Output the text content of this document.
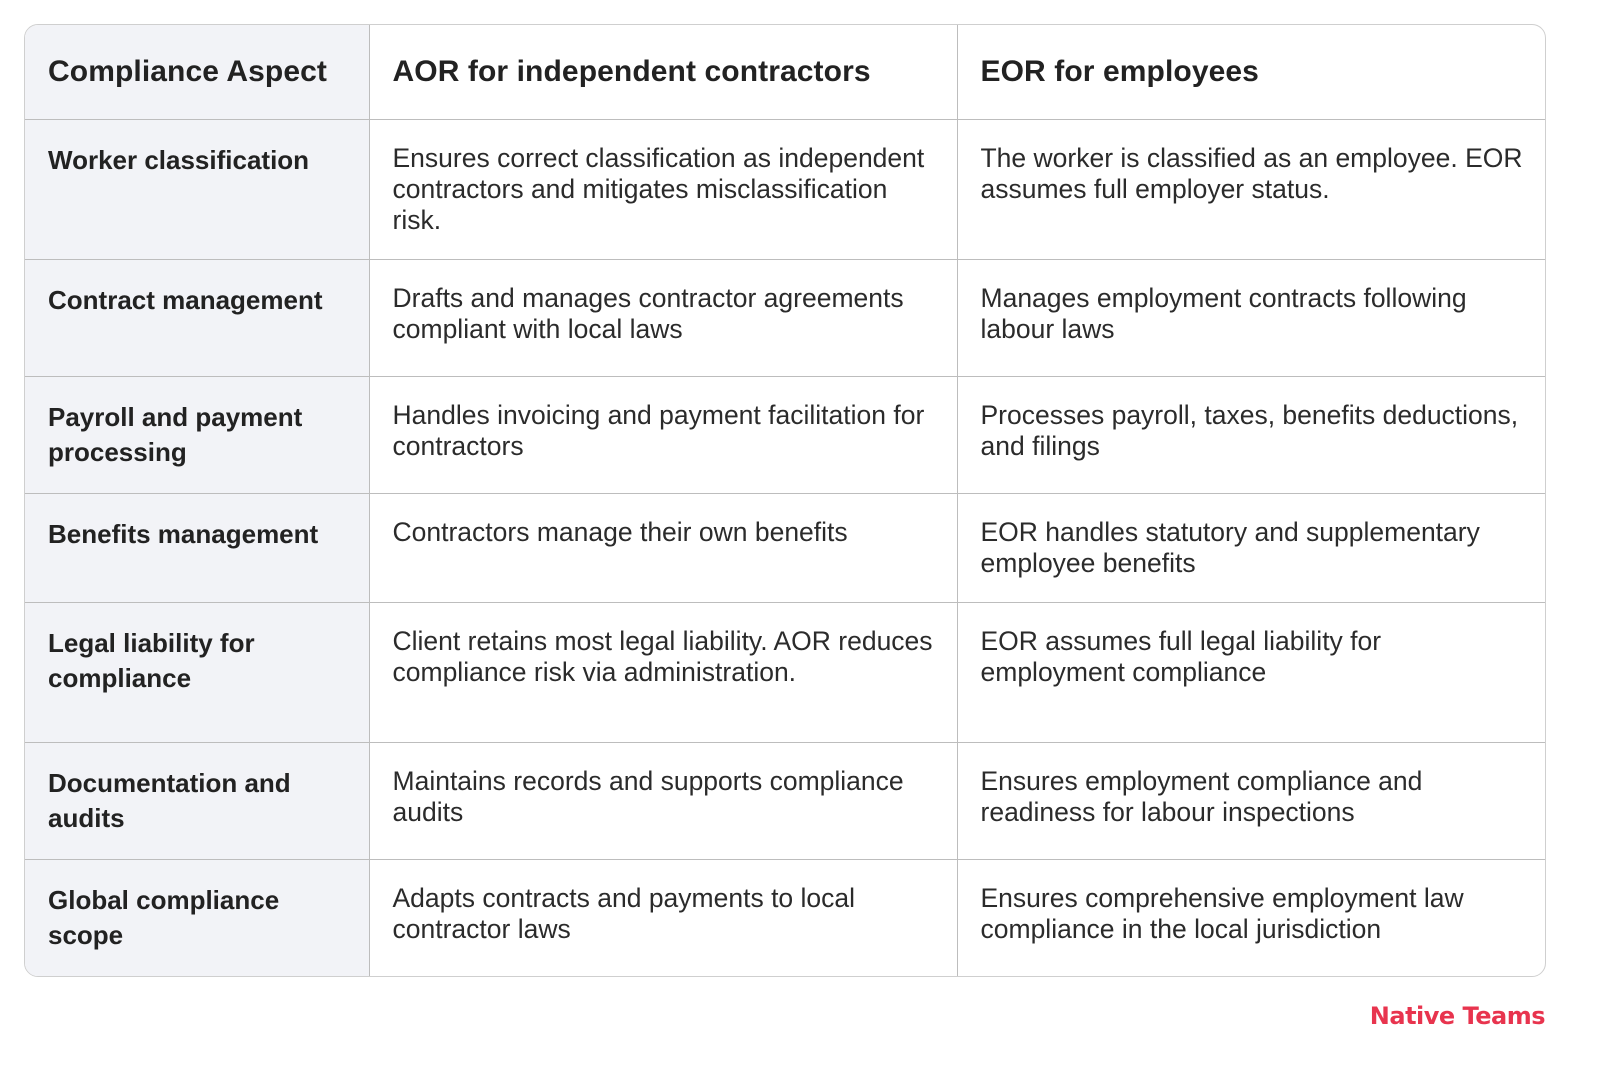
Compliance Aspect	AOR for independent contractors	EOR for employees
Worker classification	Ensures correct classification as independent contractors and mitigates misclassification risk.	The worker is classified as an employee. EOR assumes full employer status.
Contract management	Drafts and manages contractor agreements compliant with local laws	Manages employment contracts following labour laws
Payroll and payment processing	Handles invoicing and payment facilitation for contractors	Processes payroll, taxes, benefits deductions, and filings
Benefits management	Contractors manage their own benefits	EOR handles statutory and supplementary employee benefits
Legal liability for compliance	Client retains most legal liability. AOR reduces compliance risk via administration.	EOR assumes full legal liability for employment compliance
Documentation and audits	Maintains records and supports compliance audits	Ensures employment compliance and readiness for labour inspections
Global compliance scope	Adapts contracts and payments to local contractor laws	Ensures comprehensive employment law compliance in the local jurisdiction
Native Teams
